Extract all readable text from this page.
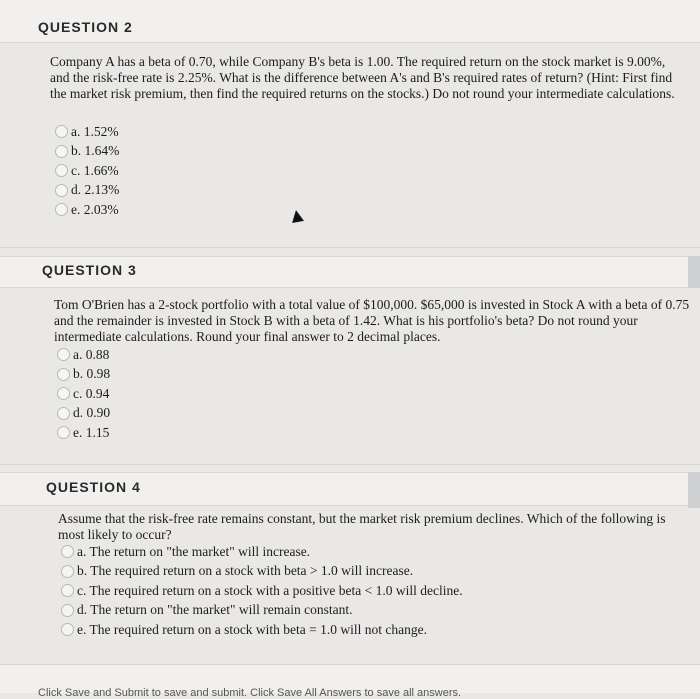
QUESTION 2
Company A has a beta of 0.70, while Company B's beta is 1.00. The required return on the stock market is 9.00%, and the risk-free rate is 2.25%. What is the difference between A's and B's required rates of return? (Hint: First find the market risk premium, then find the required returns on the stocks.) Do not round your intermediate calculations.
a. 1.52%
b. 1.64%
c. 1.66%
d. 2.13%
e. 2.03%
QUESTION 3
Tom O'Brien has a 2-stock portfolio with a total value of $100,000. $65,000 is invested in Stock A with a beta of 0.75 and the remainder is invested in Stock B with a beta of 1.42. What is his portfolio's beta? Do not round your intermediate calculations. Round your final answer to 2 decimal places.
a. 0.88
b. 0.98
c. 0.94
d. 0.90
e. 1.15
QUESTION 4
Assume that the risk-free rate remains constant, but the market risk premium declines. Which of the following is most likely to occur?
a. The return on "the market" will increase.
b. The required return on a stock with beta > 1.0 will increase.
c. The required return on a stock with a positive beta < 1.0 will decline.
d. The return on "the market" will remain constant.
e. The required return on a stock with beta = 1.0 will not change.
Click Save and Submit to save and submit. Click Save All Answers to save all answers.
